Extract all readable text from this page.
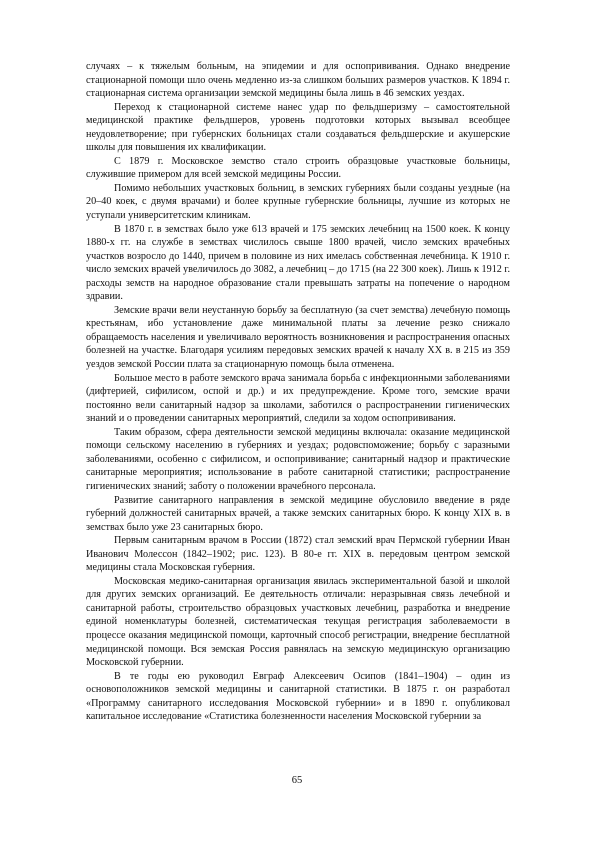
случаях – к тяжелым больным, на эпидемии и для оспопрививания. Однако внедрение стационарной помощи шло очень медленно из-за слишком больших размеров участков. К 1894 г. стационарная система организации земской медицины была лишь в 46 земских уездах.

Переход к стационарной системе нанес удар по фельдшеризму – самостоятельной медицинской практике фельдшеров, уровень подготовки которых вызывал всеобщее неудовлетворение; при губернских больницах стали создаваться фельдшерские и акушерские школы для повышения их квалификации.

С 1879 г. Московское земство стало строить образцовые участковые больницы, служившие примером для всей земской медицины России.

Помимо небольших участковых больниц, в земских губерниях были созданы уездные (на 20–40 коек, с двумя врачами) и более крупные губернские больницы, лучшие из которых не уступали университетским клиникам.

В 1870 г. в земствах было уже 613 врачей и 175 земских лечебниц на 1500 коек. К концу 1880-х гг. на службе в земствах числилось свыше 1800 врачей, число земских врачебных участков возросло до 1440, причем в половине из них имелась собственная лечебница. К 1910 г. число земских врачей увеличилось до 3082, а лечебниц – до 1715 (на 22 300 коек). Лишь к 1912 г. расходы земств на народное образование стали превышать затраты на попечение о народном здравии.

Земские врачи вели неустанную борьбу за бесплатную (за счет земства) лечебную помощь крестьянам, ибо установление даже минимальной платы за лечение резко снижало обращаемость населения и увеличивало вероятность возникновения и распространения опасных болезней на участке. Благодаря усилиям передовых земских врачей к началу XX в. в 215 из 359 уездов земской России плата за стационарную помощь была отменена.

Большое место в работе земского врача занимала борьба с инфекционными заболеваниями (дифтерией, сифилисом, оспой и др.) и их предупреждение. Кроме того, земские врачи постоянно вели санитарный надзор за школами, заботился о распространении гигиенических знаний и о проведении санитарных мероприятий, следили за ходом оспопрививания.

Таким образом, сфера деятельности земской медицины включала: оказание медицинской помощи сельскому населению в губерниях и уездах; родовспоможение; борьбу с заразными заболеваниями, особенно с сифилисом, и оспопрививание; санитарный надзор и практические санитарные мероприятия; использование в работе санитарной статистики; распространение гигиенических знаний; заботу о положении врачебного персонала.

Развитие санитарного направления в земской медицине обусловило введение в ряде губерний должностей санитарных врачей, а также земских санитарных бюро. К концу XIX в. в земствах было уже 23 санитарных бюро.

Первым санитарным врачом в России (1872) стал земский врач Пермской губернии Иван Иванович Молессон (1842–1902; рис. 123). В 80-е гг. XIX в. передовым центром земской медицины стала Московская губерния.

Московская медико-санитарная организация явилась экспериментальной базой и школой для других земских организаций. Ее деятельность отличали: неразрывная связь лечебной и санитарной работы, строительство образцовых участковых лечебниц, разработка и внедрение единой номенклатуры болезней, систематическая текущая регистрация заболеваемости в процессе оказания медицинской помощи, карточный способ регистрации, внедрение бесплатной медицинской помощи. Вся земская Россия равнялась на земскую медицинскую организацию Московской губернии.

В те годы ею руководил Евграф Алексеевич Осипов (1841–1904) – один из основоположников земской медицины и санитарной статистики. В 1875 г. он разработал «Программу санитарного исследования Московской губернии» и в 1890 г. опубликовал капитальное исследование «Статистика болезненности населения Московской губернии за

65
